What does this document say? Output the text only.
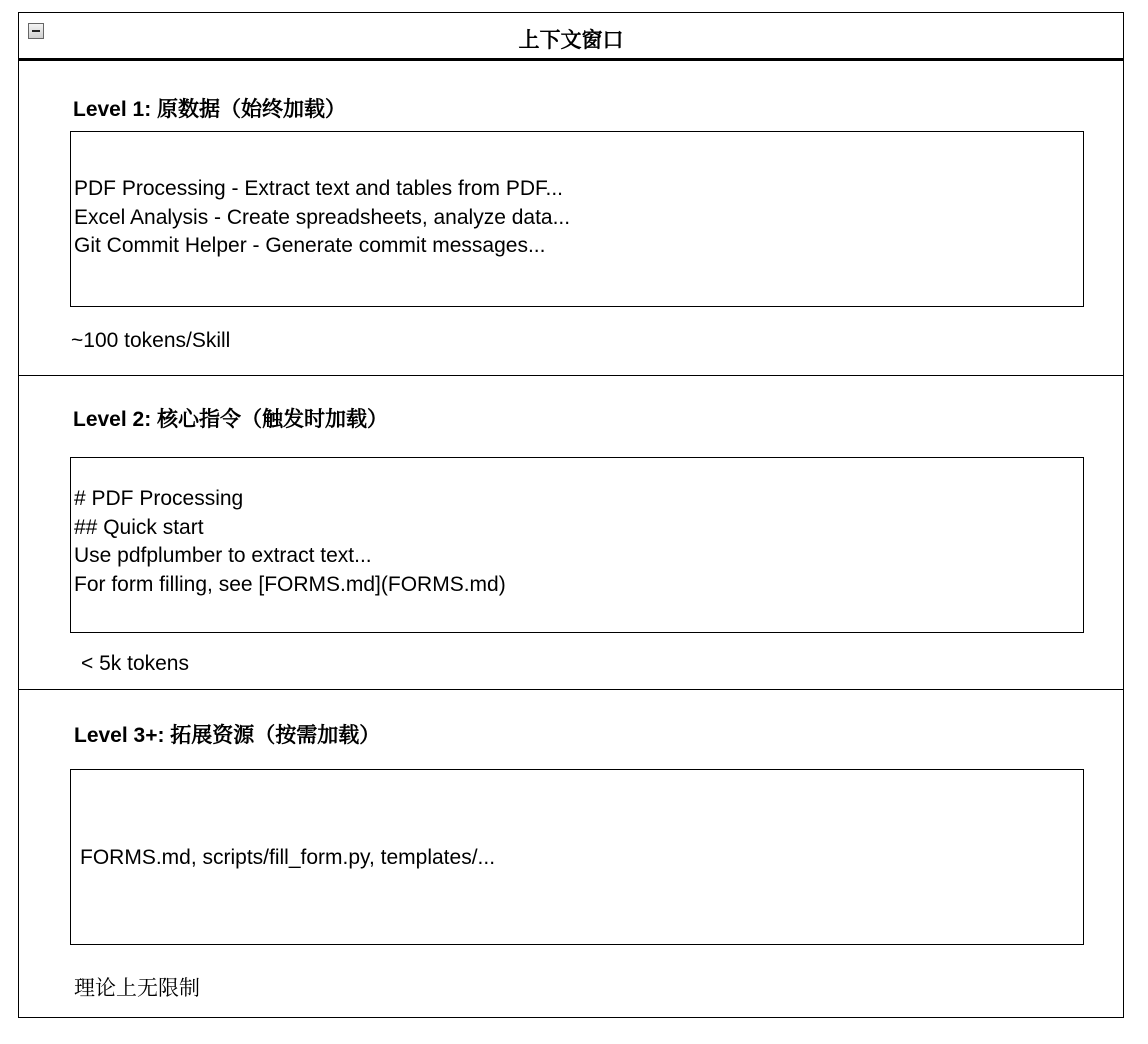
上下文窗口
Level 1: 原数据（始终加载）
PDF Processing - Extract text and tables from PDF...
Excel Analysis - Create spreadsheets, analyze data...
Git Commit Helper - Generate commit messages...
~100 tokens/Skill
Level 2: 核心指令（触发时加载）
# PDF Processing
## Quick start
Use pdfplumber to extract text...
For form filling, see [FORMS.md](FORMS.md)
< 5k tokens
Level 3+: 拓展资源（按需加载）
FORMS.md, scripts/fill_form.py, templates/...
理论上无限制
